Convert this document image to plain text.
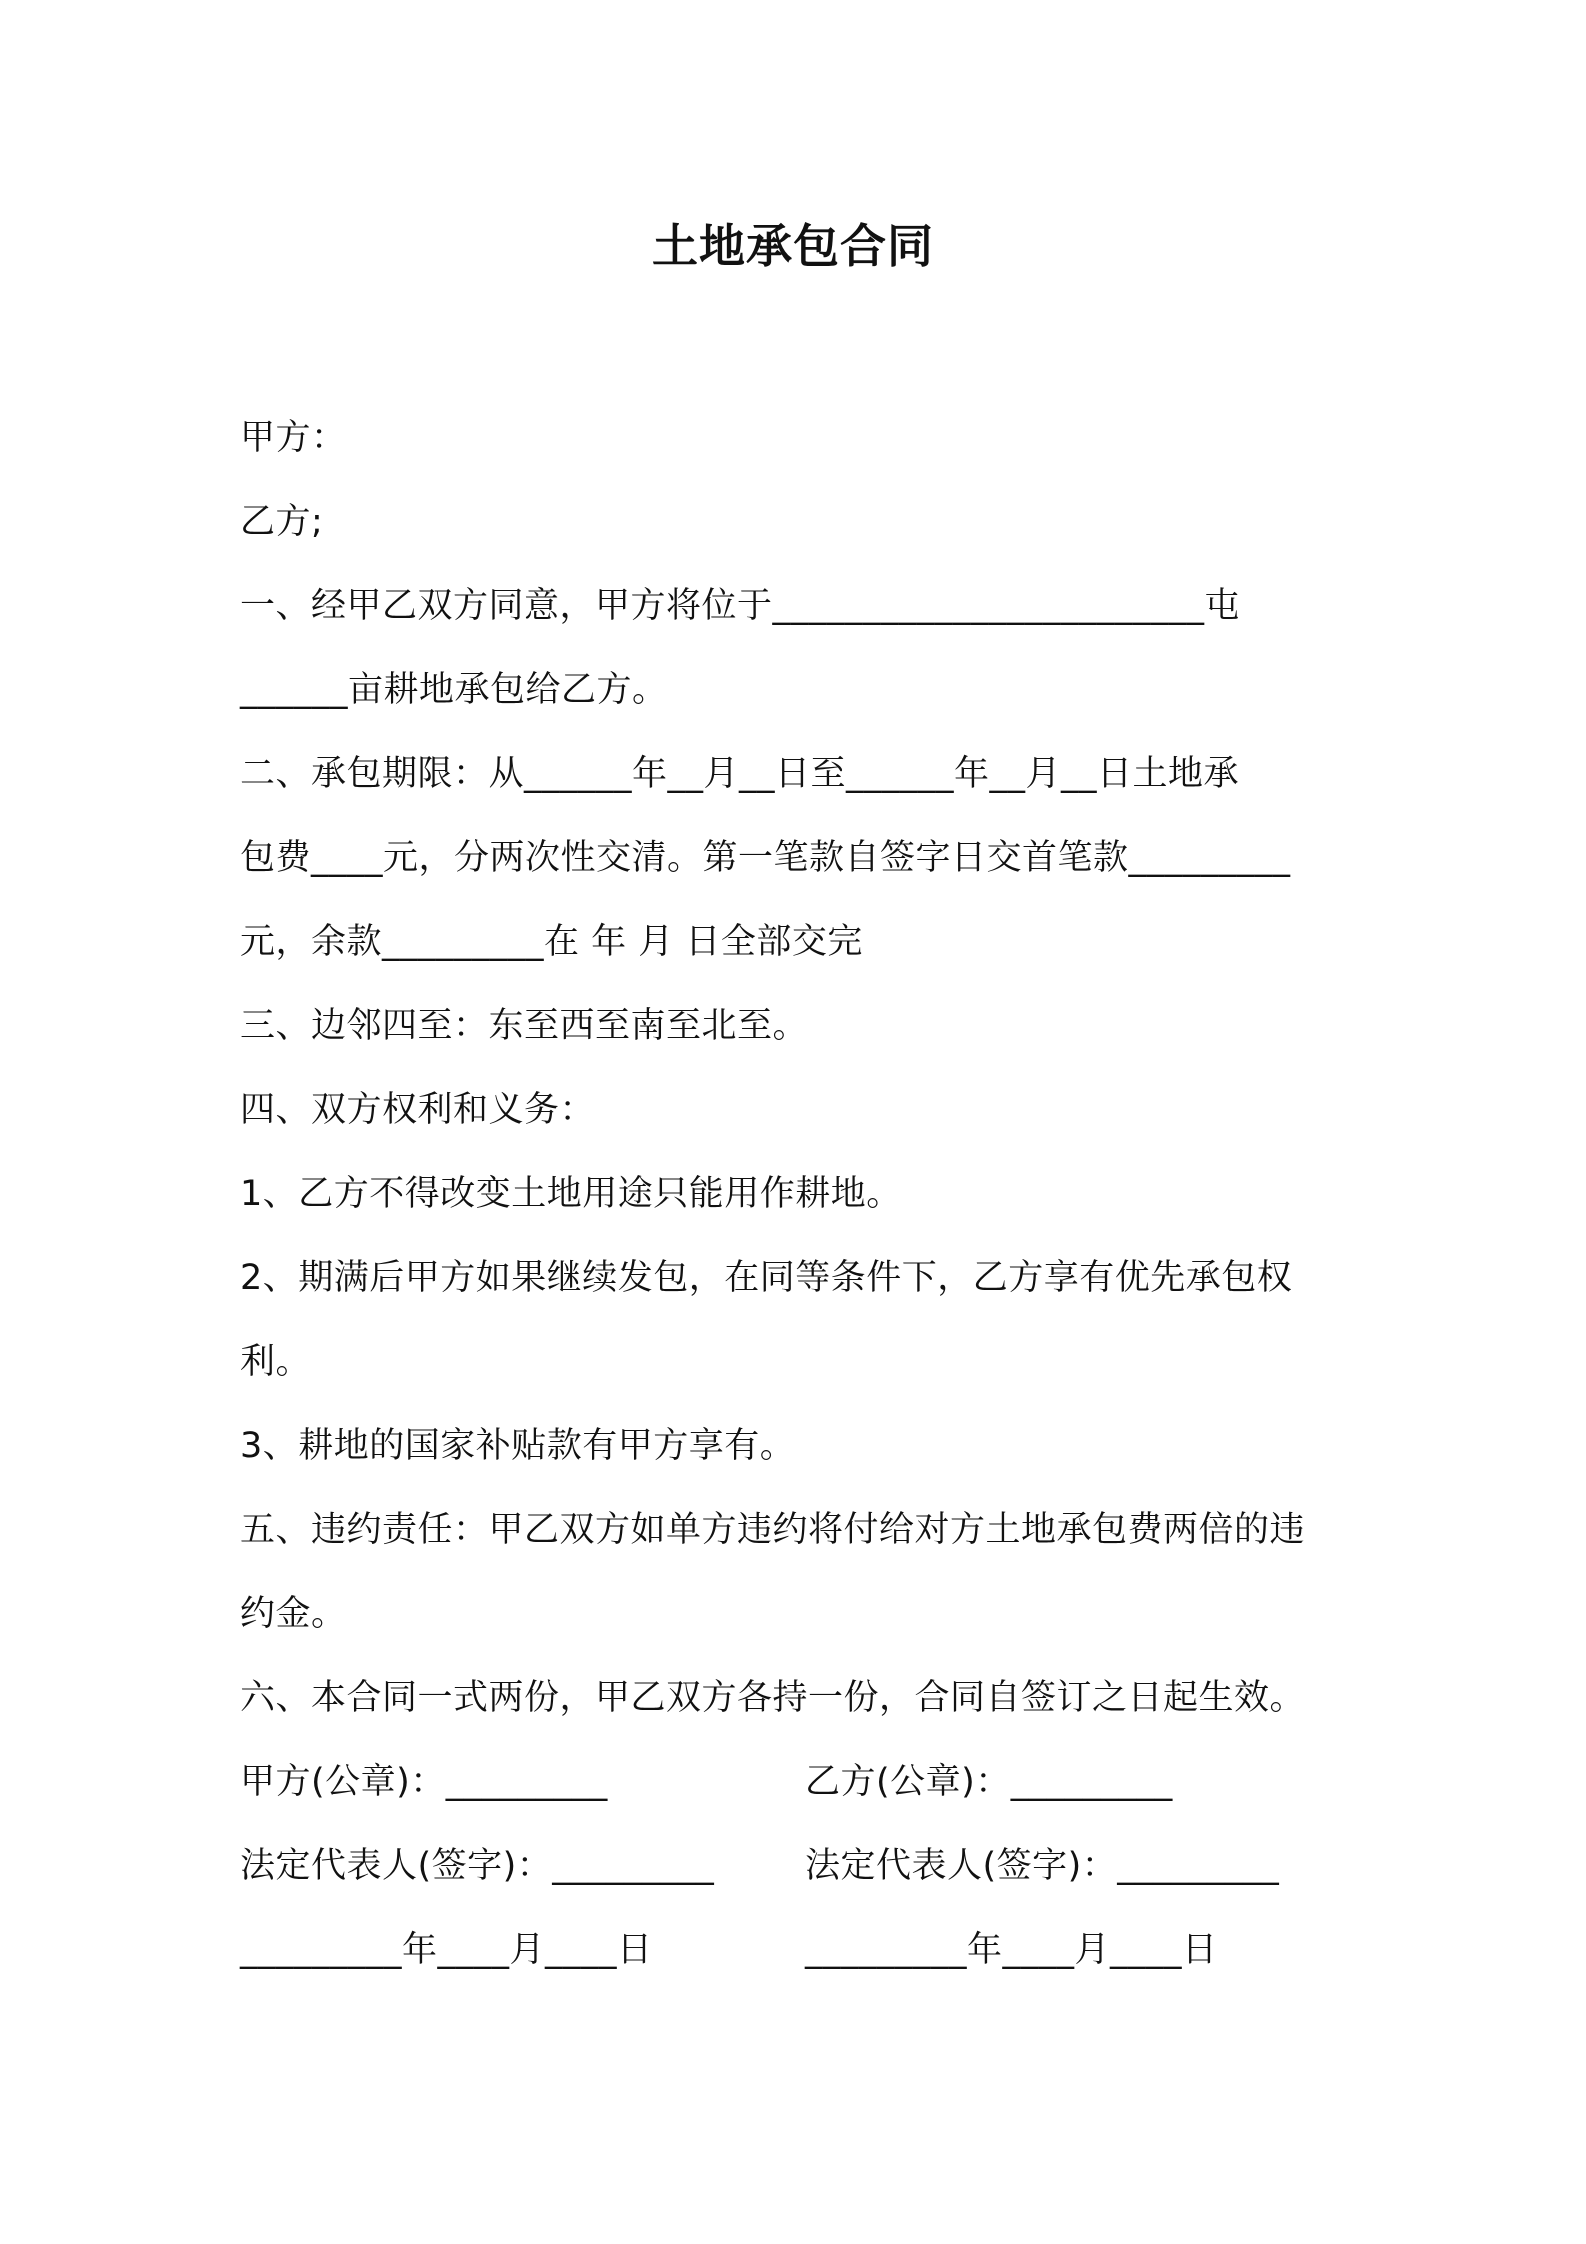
土地承包合同
甲方：
乙方;
一、经甲乙双方同意，甲方将位于________________________屯
______亩耕地承包给乙方。
二、承包期限：从______年__月__日至______年__月__日土地承
包费____元，分两次性交清。第一笔款自签字日交首笔款_________
元，余款_________在 年 月 日全部交完
三、边邻四至：东至西至南至北至。
四、双方权利和义务：
1、乙方不得改变土地用途只能用作耕地。
2、期满后甲方如果继续发包，在同等条件下，乙方享有优先承包权
利。
3、耕地的国家补贴款有甲方享有。
五、违约责任：甲乙双方如单方违约将付给对方土地承包费两倍的违
约金。
六、本合同一式两份，甲乙双方各持一份，合同自签订之日起生效。
甲方(公章)：_________	乙方(公章)：_________
法定代表人(签字)：_________	法定代表人(签字)：_________
_________年____月____日	_________年____月____日
